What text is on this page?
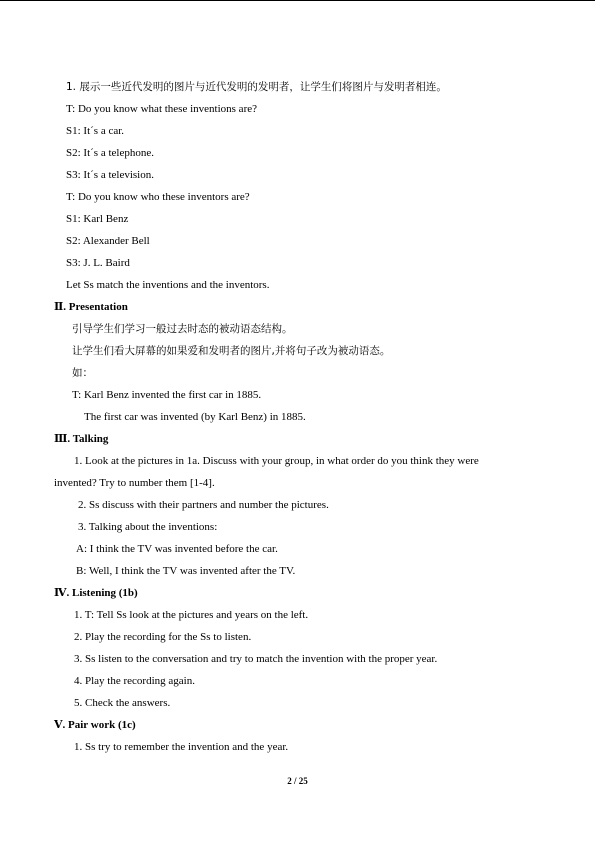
1. 展示一些近代发明的图片与近代发明的发明者，让学生们将图片与发明者相连。
T: Do you know what these inventions are?
S1: It´s a car.
S2: It´s a telephone.
S3: It´s a television.
T: Do you know who these inventors are?
S1: Karl Benz
S2: Alexander Bell
S3: J. L. Baird
Let Ss match the inventions and the inventors.
Ⅱ. Presentation
引导学生们学习一般过去时态的被动语态结构。
让学生们看大屏幕的如果爱和发明者的图片,并将句子改为被动语态。
如：
T: Karl Benz invented the first car in 1885.
The first car was invented (by Karl Benz) in 1885.
Ⅲ. Talking
1. Look at the pictures in 1a. Discuss with your group, in what order do you think they were
invented? Try to number them [1-4].
2. Ss discuss with their partners and number the pictures.
3. Talking about the inventions:
A: I think the TV was invented before the car.
B: Well, I think the TV was invented after the TV.
Ⅳ. Listening (1b)
1. T: Tell Ss look at the pictures and years on the left.
2. Play the recording for the Ss to listen.
3. Ss listen to the conversation and try to match the invention with the proper year.
4. Play the recording again.
5. Check the answers.
Ⅴ. Pair work (1c)
1. Ss try to remember the invention and the year.
2 / 25
